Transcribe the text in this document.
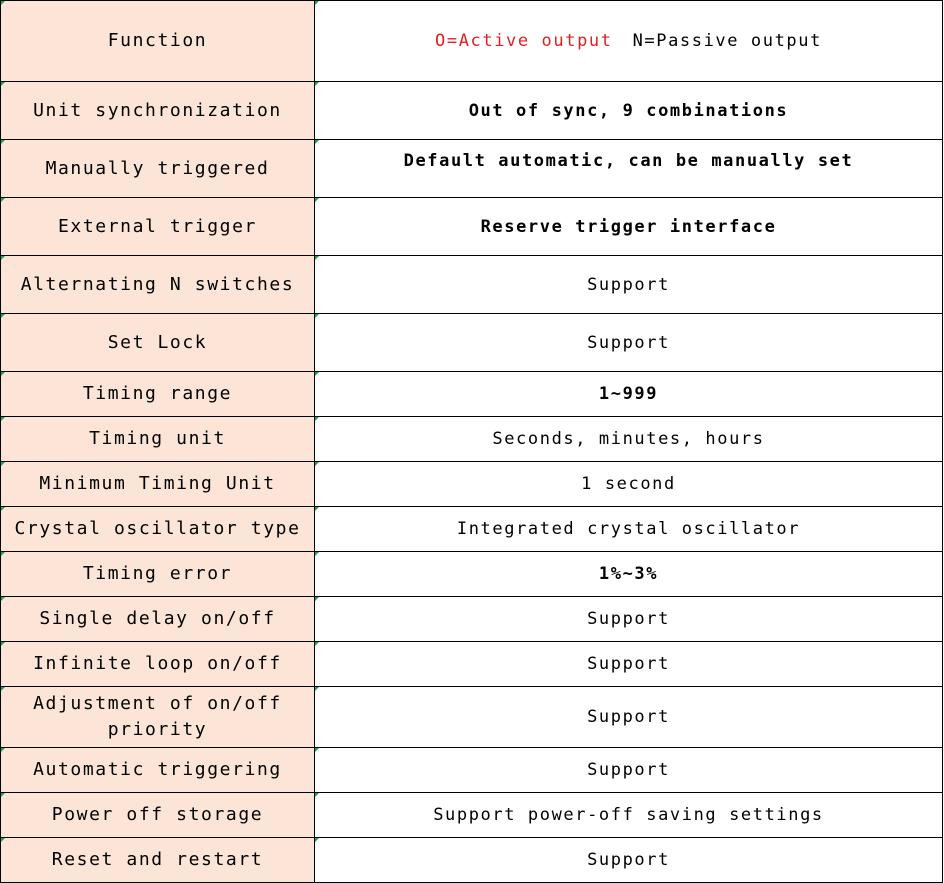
Function	O=Active output N=Passive output
Unit synchronization	Out of sync, 9 combinations
Manually triggered	Default automatic, can be manually set
External trigger	Reserve trigger interface
Alternating N switches	Support
Set Lock	Support
Timing range	1~999
Timing unit	Seconds, minutes, hours
Minimum Timing Unit	1 second
Crystal oscillator type	Integrated crystal oscillator
Timing error	1%~3%
Single delay on/off	Support
Infinite loop on/off	Support
Adjustment of on/off priority	Support
Automatic triggering	Support
Power off storage	Support power-off saving settings
Reset and restart	Support
